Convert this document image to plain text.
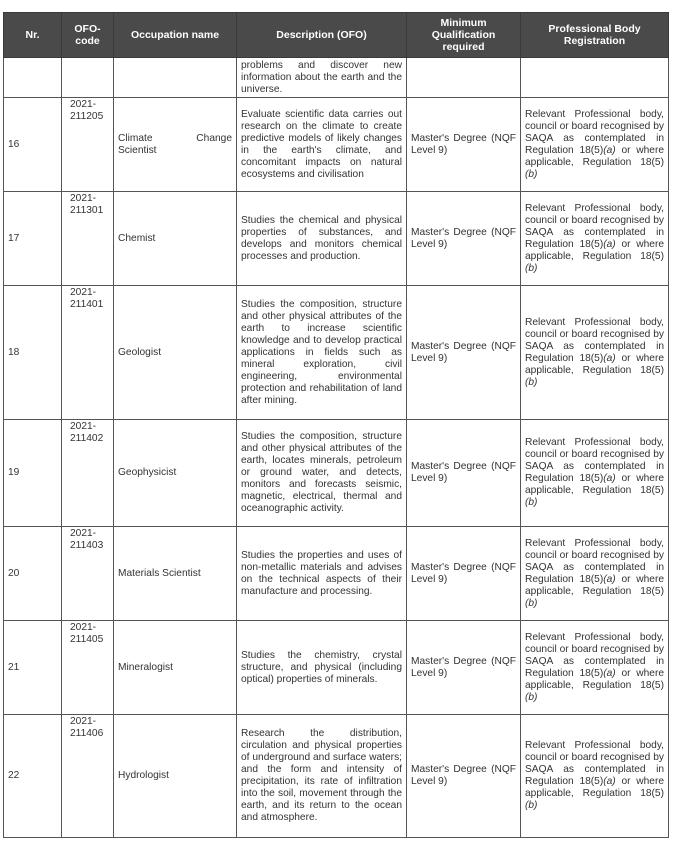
Nr.	OFO-code	Occupation name	Description (OFO)	Minimum Qualification required	Professional Body Registration
			problems and discover new information about the earth and the universe.		
16	2021-211205	Climate Change Scientist	Evaluate scientific data carries out research on the climate to create predictive models of likely changes in the earth's climate, and concomitant impacts on natural ecosystems and civilisation	Master's Degree (NQF Level 9)	Relevant Professional body, council or board recognised by SAQA as contemplated in Regulation 18(5)(a) or where applicable, Regulation 18(5)(b)
17	2021-211301	Chemist	Studies the chemical and physical properties of substances, and develops and monitors chemical processes and production.	Master's Degree (NQF Level 9)	Relevant Professional body, council or board recognised by SAQA as contemplated in Regulation 18(5)(a) or where applicable, Regulation 18(5)(b)
18	2021-211401	Geologist	Studies the composition, structure and other physical attributes of the earth to increase scientific knowledge and to develop practical applications in fields such as mineral exploration, civil engineering, environmental protection and rehabilitation of land after mining.	Master's Degree (NQF Level 9)	Relevant Professional body, council or board recognised by SAQA as contemplated in Regulation 18(5)(a) or where applicable, Regulation 18(5)(b)
19	2021-211402	Geophysicist	Studies the composition, structure and other physical attributes of the earth, locates minerals, petroleum or ground water, and detects, monitors and forecasts seismic, magnetic, electrical, thermal and oceanographic activity.	Master's Degree (NQF Level 9)	Relevant Professional body, council or board recognised by SAQA as contemplated in Regulation 18(5)(a) or where applicable, Regulation 18(5)(b)
20	2021-211403	Materials Scientist	Studies the properties and uses of non-metallic materials and advises on the technical aspects of their manufacture and processing.	Master's Degree (NQF Level 9)	Relevant Professional body, council or board recognised by SAQA as contemplated in Regulation 18(5)(a) or where applicable, Regulation 18(5)(b)
21	2021-211405	Mineralogist	Studies the chemistry, crystal structure, and physical (including optical) properties of minerals.	Master's Degree (NQF Level 9)	Relevant Professional body, council or board recognised by SAQA as contemplated in Regulation 18(5)(a) or where applicable, Regulation 18(5)(b)
22	2021-211406	Hydrologist	Research the distribution, circulation and physical properties of underground and surface waters; and the form and intensity of precipitation, its rate of infiltration into the soil, movement through the earth, and its return to the ocean and atmosphere.	Master's Degree (NQF Level 9)	Relevant Professional body, council or board recognised by SAQA as contemplated in Regulation 18(5)(a) or where applicable, Regulation 18(5)(b)
